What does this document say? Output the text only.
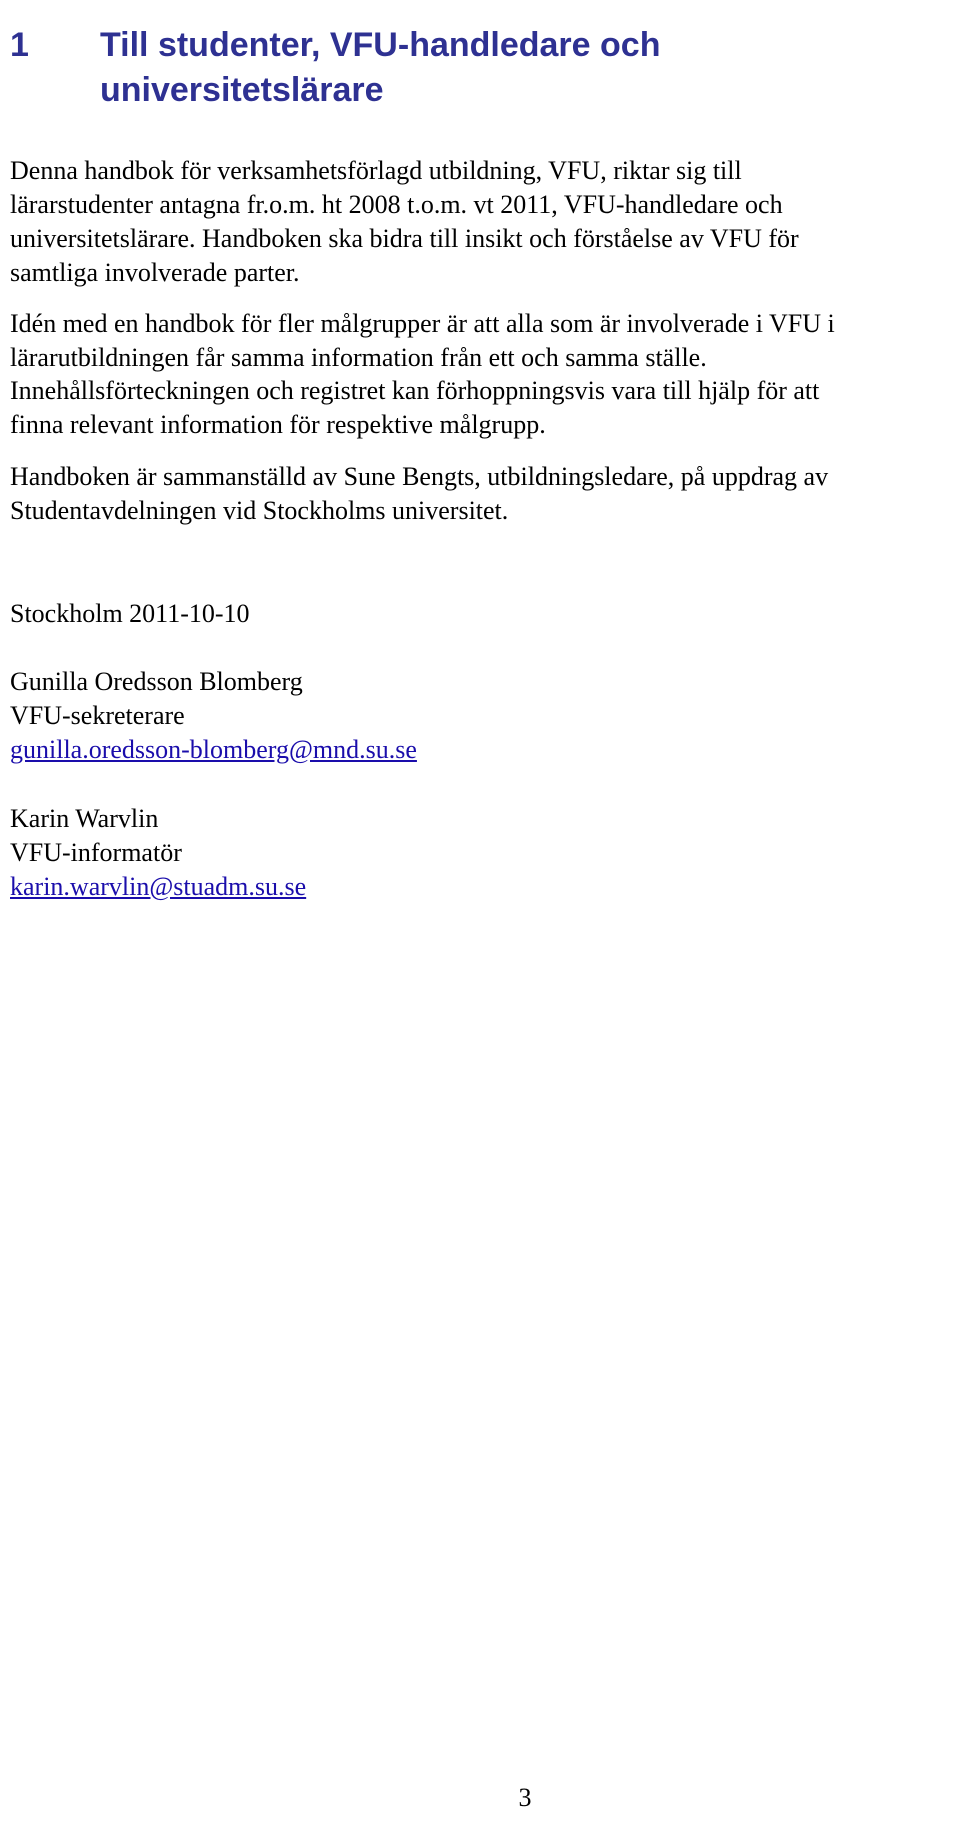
1 Till studenter, VFU-handledare och
universitetslärare

Denna handbok för verksamhetsförlagd utbildning, VFU, riktar sig till
lärarstudenter antagna fr.o.m. ht 2008 t.o.m. vt 2011, VFU-handledare och
universitetslärare. Handboken ska bidra till insikt och förståelse av VFU för
samtliga involverade parter.

Idén med en handbok för fler målgrupper är att alla som är involverade i VFU i
lärarutbildningen får samma information från ett och samma ställe.

Innehållsförteckningen och registret kan förhoppningsvis vara till hjälp för att
finna relevant information för respektive målgrupp.

Handboken är sammanställd av Sune Bengts, utbildningsledare, på uppdrag av
Studentavdelningen vid Stockholms universitet.

Stockholm 2011-10-10

Gunilla Oredsson Blomberg
VFU-sekreterare
gunilla.oredsson-blomberg@mnd.su.se
Karin Warvlin
VFU-informatör
karin.warvlin@stuadm.su.se
3
